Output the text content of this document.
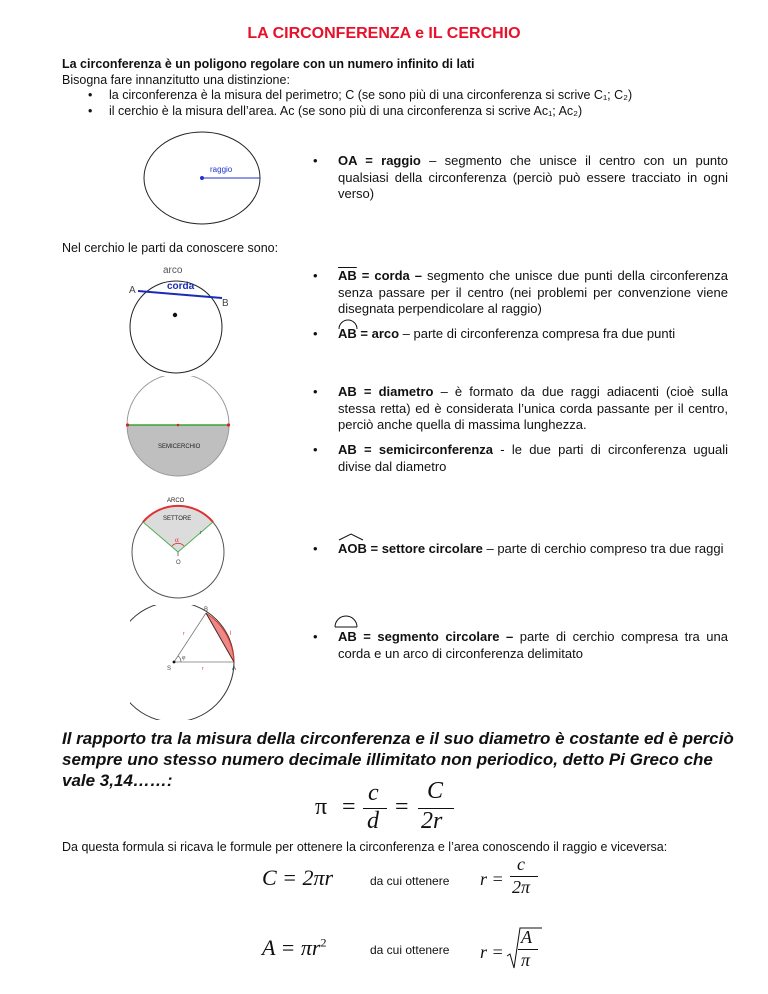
LA CIRCONFERENZA e IL CERCHIO
La circonferenza è un poligono regolare con un numero infinito di lati
Bisogna fare innanzitutto una distinzione:
• la circonferenza è la misura del perimetro; C (se sono più di una circonferenza si scrive C₁; C₂)
• il cerchio è la misura dell’area. Aᴄ (se sono più di una circonferenza si scrive Ac₁; Ac₂)
raggio
• OA = raggio – segmento che unisce il centro con un punto qualsiasi della circonferenza (perciò può essere tracciato in ogni verso)
Nel cerchio le parti da conoscere sono:
arco
corda
A
B
• $\overline{AB}$ = corda – segmento che unisce due punti della circonferenza senza passare per il centro (nei problemi per convenzione viene disegnata perpendicolare al raggio)
• AB = arco – parte di circonferenza compresa fra due punti
SEMICERCHIO
• AB = diametro – è formato da due raggi adiacenti (cioè sulla stessa retta) ed è considerata l’unica corda passante per il centro, perciò anche quella di massima lunghezza.
• AB = semicirconferenza - le due parti di circonferenza uguali divise dal diametro
ARCO
SETTORE
α
r
O
• AOB = settore circolare – parte di cerchio compreso tra due raggi
B
A
S
r
r
l
φ
• AB = segmento circolare – parte di cerchio compresa tra una corda e un arco di circonferenza delimitato
Il rapporto tra la misura della circonferenza e il suo diametro è costante ed è perciò sempre uno stesso numero decimale illimitato non periodico, detto Pi Greco che vale 3,14……:
π =
c
d
=
C
2r
Da questa formula si ricava le formule per ottenere la circonferenza e l’area conoscendo il raggio e viceversa:
C = 2πr	da cui ottenere r =
c
2π
$A = \pi r^2$
da cui ottenere r =
A
π
